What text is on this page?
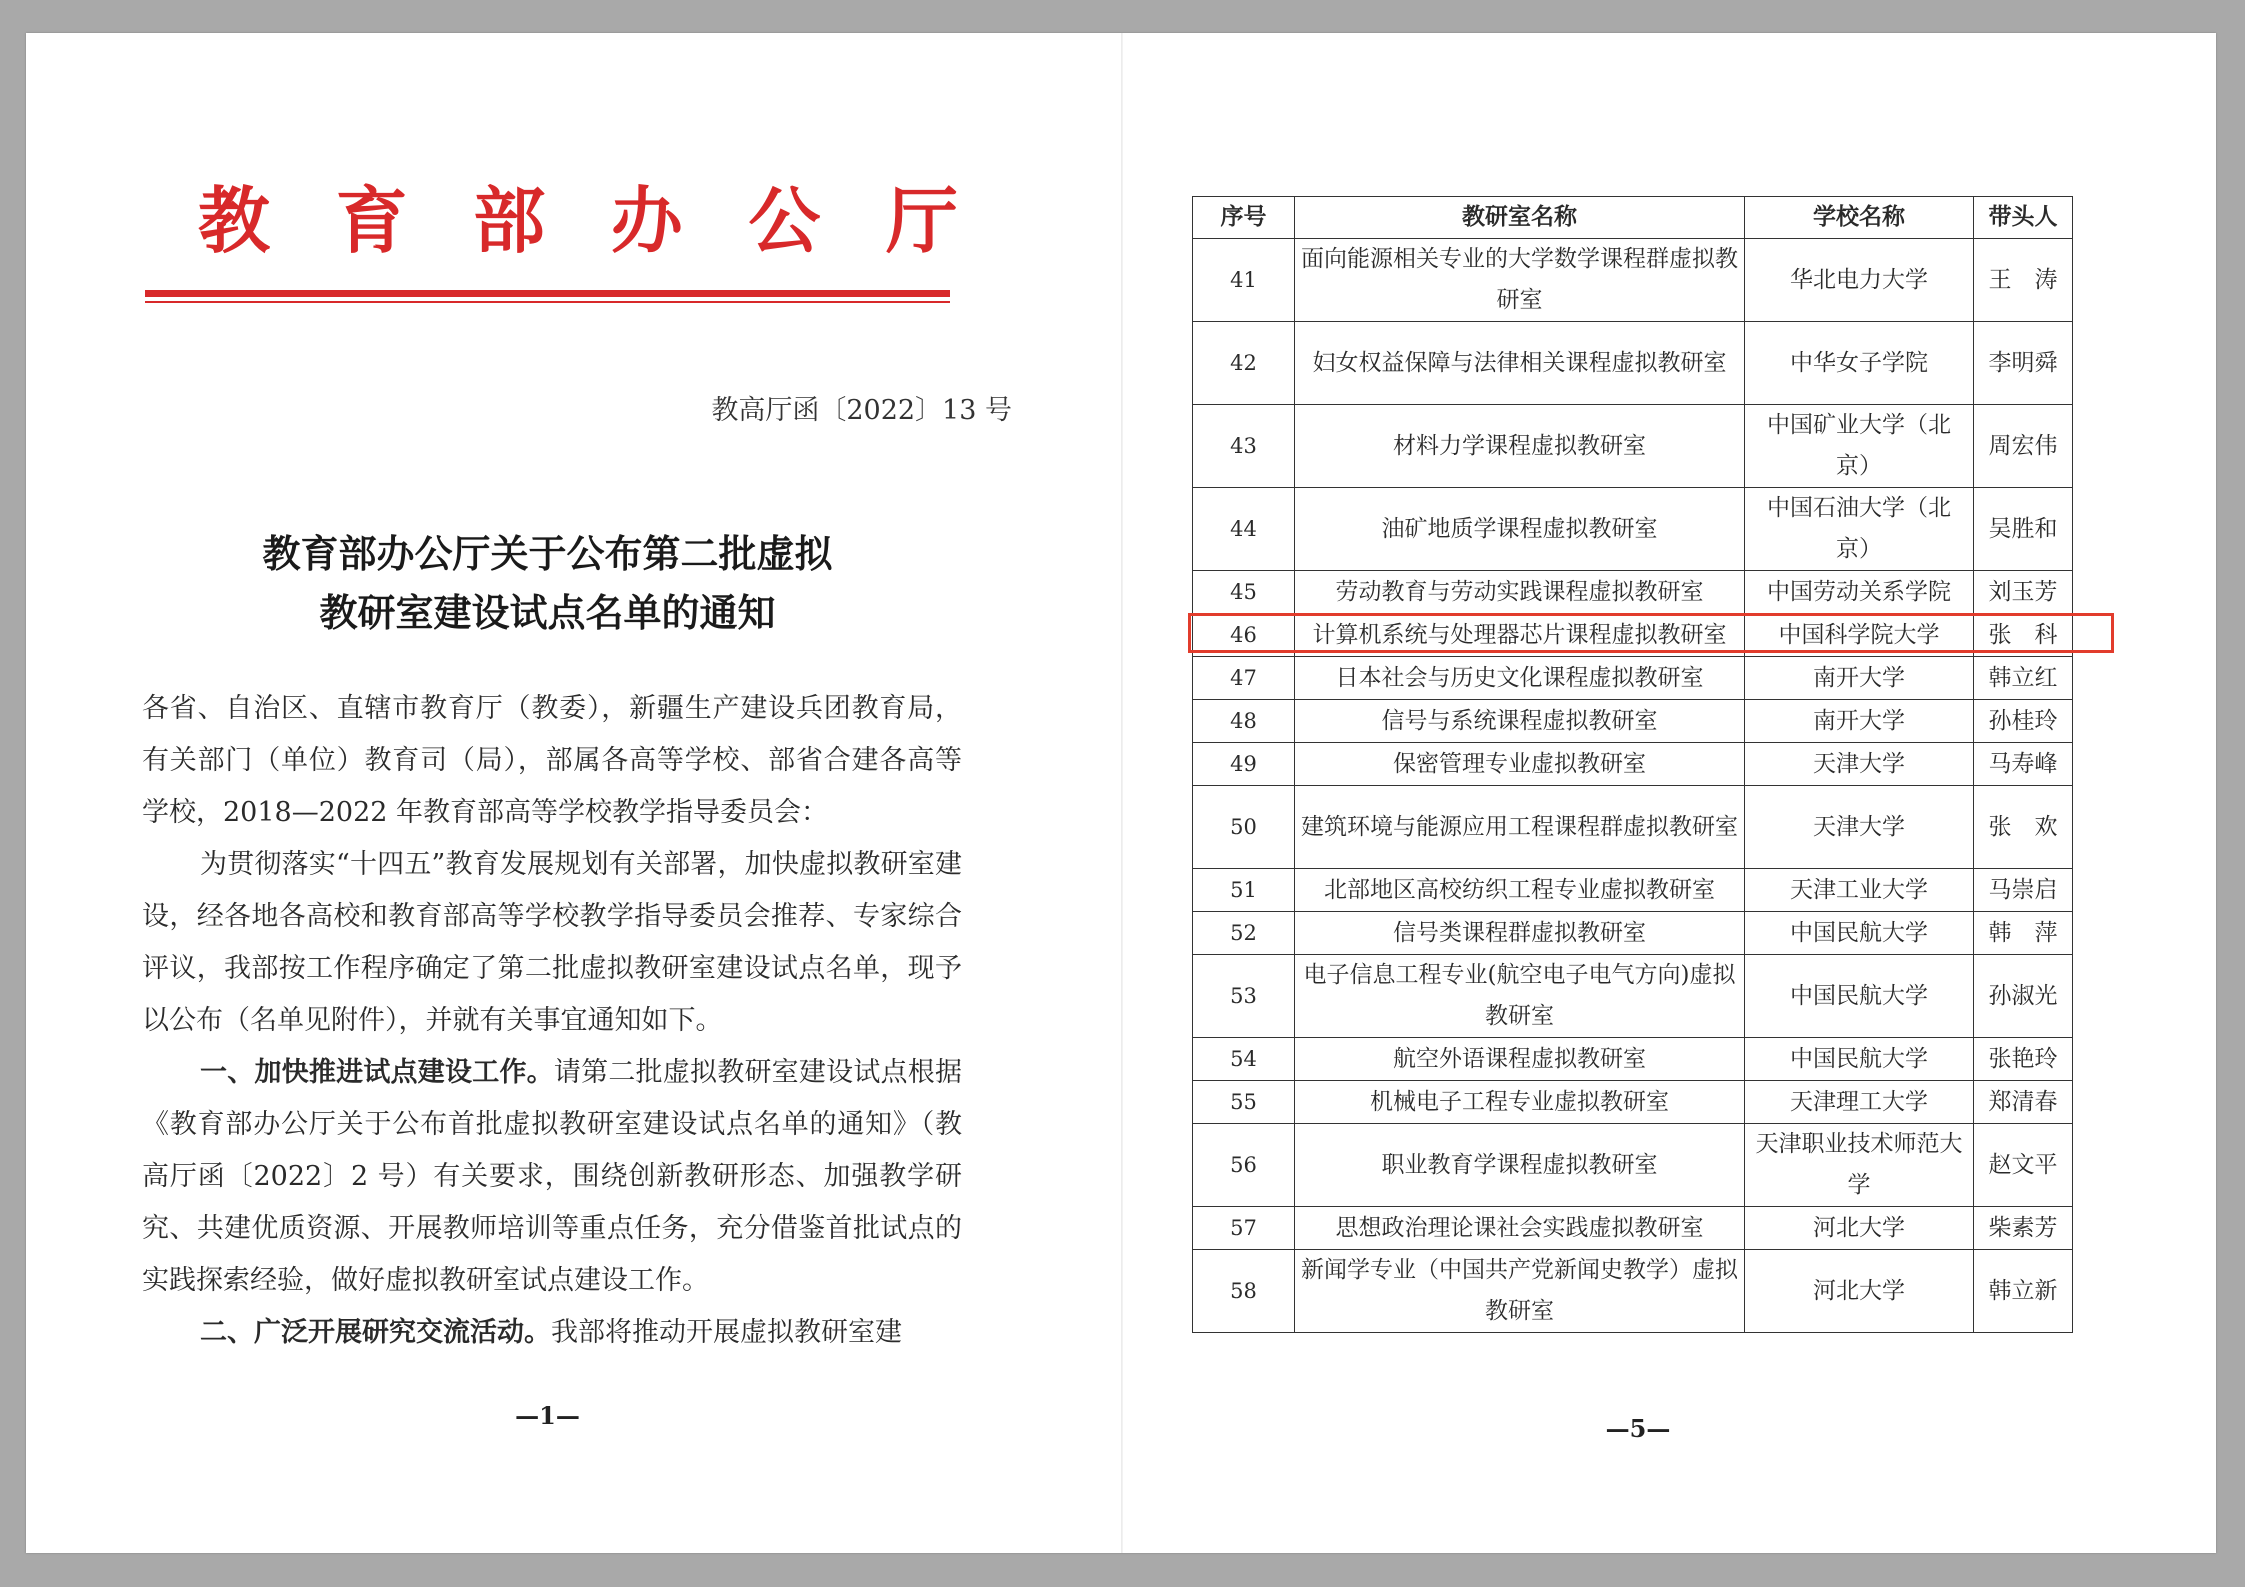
教 育 部 办 公 厅
教高厅函〔2022〕13 号
教育部办公厅关于公布第二批虚拟
教研室建设试点名单的通知

各省、自治区、直辖市教育厅（教委），新疆生产建设兵团教育局，有关部门（单位）教育司（局），部属各高等学校、部省合建各高等学校，2018—2022 年教育部高等学校教学指导委员会：

为贯彻落实“十四五”教育发展规划有关部署，加快虚拟教研室建设，经各地各高校和教育部高等学校教学指导委员会推荐、专家综合评议，我部按工作程序确定了第二批虚拟教研室建设试点名单，现予以公布（名单见附件），并就有关事宜通知如下。

一、加快推进试点建设工作。请第二批虚拟教研室建设试点根据《教育部办公厅关于公布首批虚拟教研室建设试点名单的通知》（教高厅函〔2022〕2 号）有关要求，围绕创新教研形态、加强教学研究、共建优质资源、开展教师培训等重点任务，充分借鉴首批试点的实践探索经验，做好虚拟教研室试点建设工作。

二、广泛开展研究交流活动。我部将推动开展虚拟教研室建

—1—
序号	教研室名称	学校名称	带头人
41	面向能源相关专业的大学数学课程群虚拟教研室	华北电力大学	王　涛
42	妇女权益保障与法律相关课程虚拟教研室	中华女子学院	李明舜
43	材料力学课程虚拟教研室	中国矿业大学（北京）	周宏伟
44	油矿地质学课程虚拟教研室	中国石油大学（北京）	吴胜和
45	劳动教育与劳动实践课程虚拟教研室	中国劳动关系学院	刘玉芳
46	计算机系统与处理器芯片课程虚拟教研室	中国科学院大学	张　科
47	日本社会与历史文化课程虚拟教研室	南开大学	韩立红
48	信号与系统课程虚拟教研室	南开大学	孙桂玲
49	保密管理专业虚拟教研室	天津大学	马寿峰
50	建筑环境与能源应用工程课程群虚拟教研室	天津大学	张　欢
51	北部地区高校纺织工程专业虚拟教研室	天津工业大学	马崇启
52	信号类课程群虚拟教研室	中国民航大学	韩　萍
53	电子信息工程专业(航空电子电气方向)虚拟教研室	中国民航大学	孙淑光
54	航空外语课程虚拟教研室	中国民航大学	张艳玲
55	机械电子工程专业虚拟教研室	天津理工大学	郑清春
56	职业教育学课程虚拟教研室	天津职业技术师范大学	赵文平
57	思想政治理论课社会实践虚拟教研室	河北大学	柴素芳
58	新闻学专业（中国共产党新闻史教学）虚拟教研室	河北大学	韩立新
—5—
